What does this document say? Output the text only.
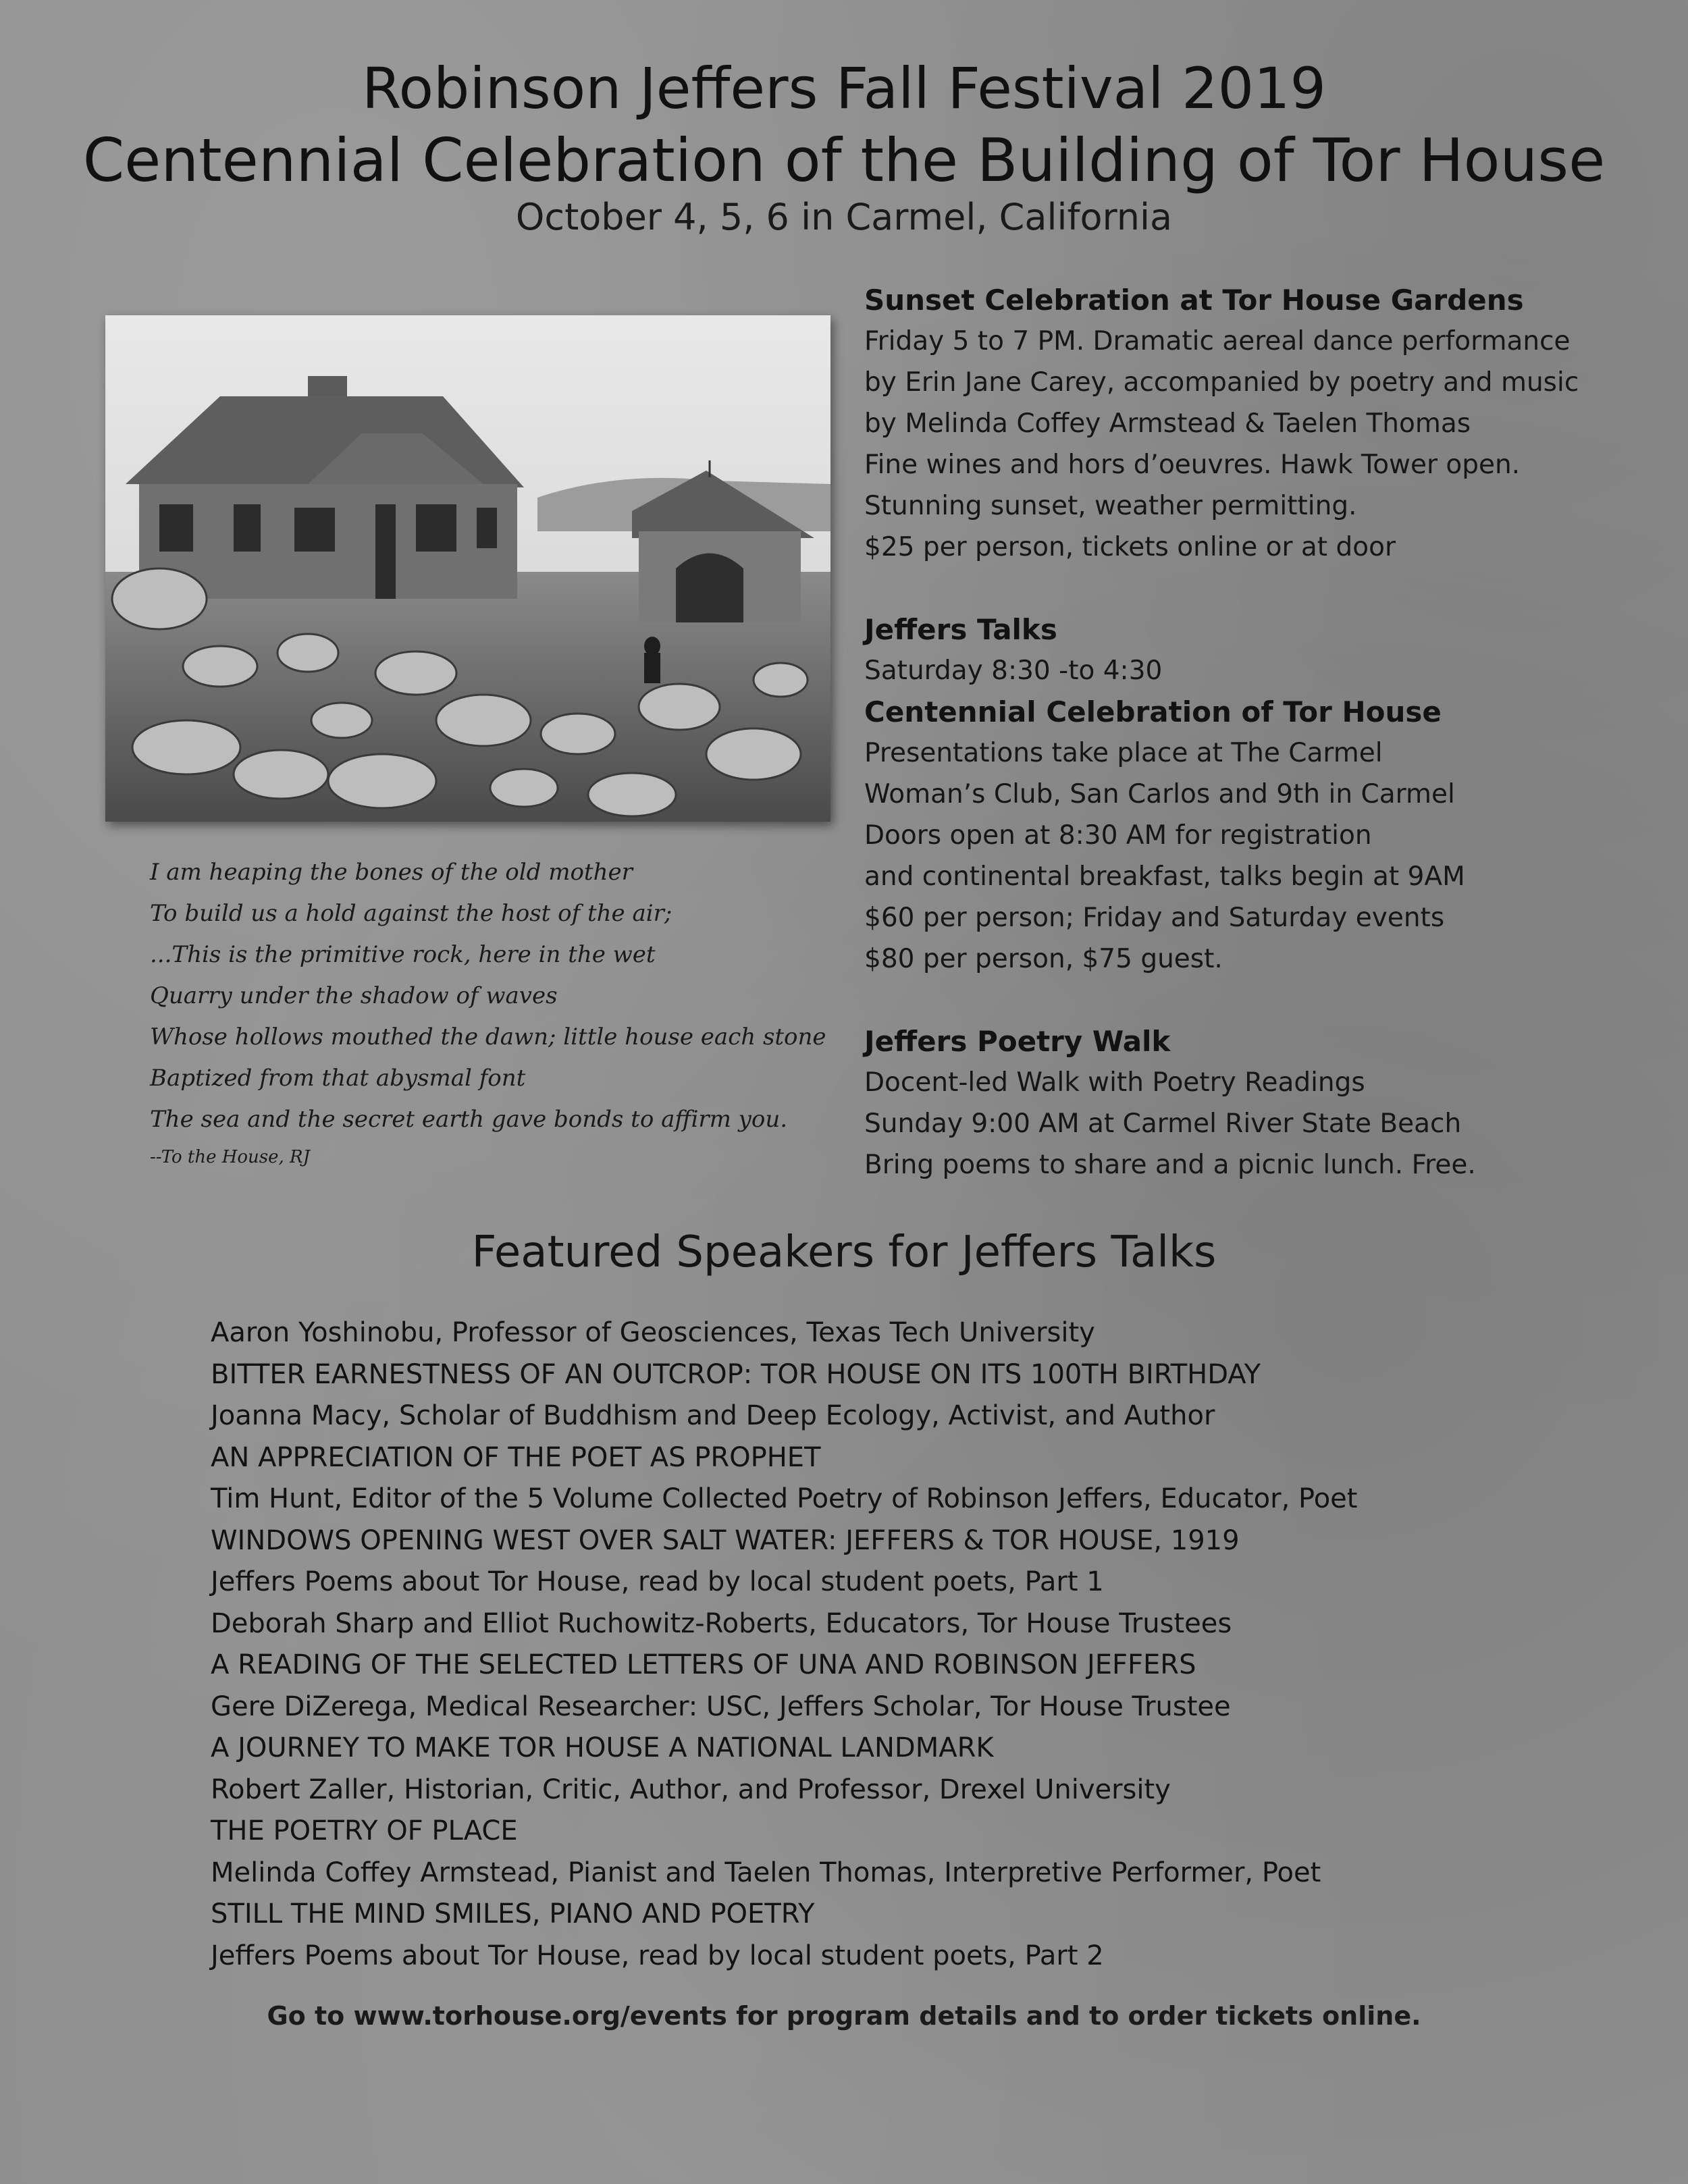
Robinson Jeffers Fall Festival 2019
Centennial Celebration of the Building of Tor House
October 4, 5, 6 in Carmel, California
I am heaping the bones of the old mother
To build us a hold against the host of the air;
...This is the primitive rock, here in the wet
Quarry under the shadow of waves
Whose hollows mouthed the dawn; little house each stone
Baptized from that abysmal font
The sea and the secret earth gave bonds to affirm you.
--To the House, RJ
Sunset Celebration at Tor House Gardens
Friday 5 to 7 PM. Dramatic aereal dance performance
by Erin Jane Carey, accompanied by poetry and music
by Melinda Coffey Armstead & Taelen Thomas
Fine wines and hors d’oeuvres. Hawk Tower open.
Stunning sunset, weather permitting.
$25 per person, tickets online or at door
Jeffers Talks
Saturday 8:30 -to 4:30
Centennial Celebration of Tor House
Presentations take place at The Carmel
Woman’s Club, San Carlos and 9th in Carmel
Doors open at 8:30 AM for registration
and continental breakfast, talks begin at 9AM
$60 per person; Friday and Saturday events
$80 per person, $75 guest.
Jeffers Poetry Walk
Docent-led Walk with Poetry Readings
Sunday 9:00 AM at Carmel River State Beach
Bring poems to share and a picnic lunch. Free.
Featured Speakers for Jeffers Talks
Aaron Yoshinobu, Professor of Geosciences, Texas Tech University
BITTER EARNESTNESS OF AN OUTCROP: TOR HOUSE ON ITS 100TH BIRTHDAY
Joanna Macy, Scholar of Buddhism and Deep Ecology, Activist, and Author
AN APPRECIATION OF THE POET AS PROPHET
Tim Hunt, Editor of the 5 Volume Collected Poetry of Robinson Jeffers, Educator, Poet
WINDOWS OPENING WEST OVER SALT WATER: JEFFERS & TOR HOUSE, 1919
Jeffers Poems about Tor House, read by local student poets, Part 1
Deborah Sharp and Elliot Ruchowitz-Roberts, Educators, Tor House Trustees
A READING OF THE SELECTED LETTERS OF UNA AND ROBINSON JEFFERS
Gere DiZerega, Medical Researcher: USC, Jeffers Scholar, Tor House Trustee
A JOURNEY TO MAKE TOR HOUSE A NATIONAL LANDMARK
Robert Zaller, Historian, Critic, Author, and Professor, Drexel University
THE POETRY OF PLACE
Melinda Coffey Armstead, Pianist and Taelen Thomas, Interpretive Performer, Poet
STILL THE MIND SMILES, PIANO AND POETRY
Jeffers Poems about Tor House, read by local student poets, Part 2
Go to www.torhouse.org/events for program details and to order tickets online.
